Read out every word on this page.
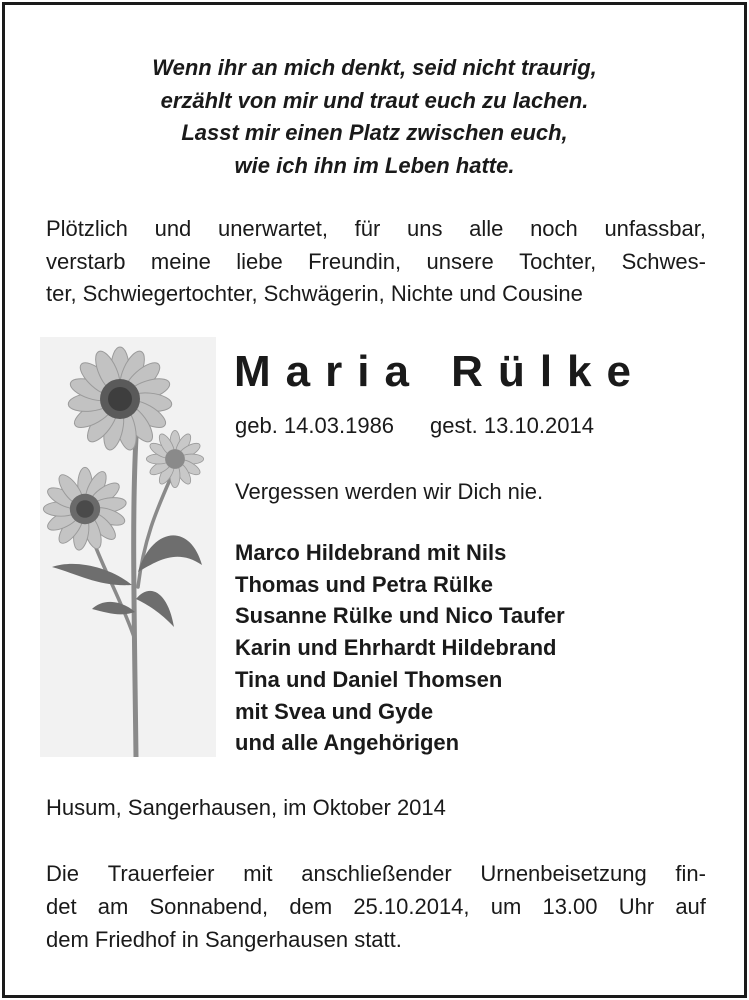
Wenn ihr an mich denkt, seid nicht traurig,
erzählt von mir und traut euch zu lachen.
Lasst mir einen Platz zwischen euch,
wie ich ihn im Leben hatte.
Plötzlich und unerwartet, für uns alle noch unfassbar,
verstarb meine liebe Freundin, unsere Tochter, Schwes-
ter, Schwiegertochter, Schwägerin, Nichte und Cousine
Maria Rülke
geb. 14.03.1986 gest. 13.10.2014
Vergessen werden wir Dich nie.
Marco Hildebrand mit Nils
Thomas und Petra Rülke
Susanne Rülke und Nico Taufer
Karin und Ehrhardt Hildebrand
Tina und Daniel Thomsen
mit Svea und Gyde
und alle Angehörigen
Husum, Sangerhausen, im Oktober 2014
Die Trauerfeier mit anschließender Urnenbeisetzung fin-
det am Sonnabend, dem 25.10.2014, um 13.00 Uhr auf
dem Friedhof in Sangerhausen statt.
